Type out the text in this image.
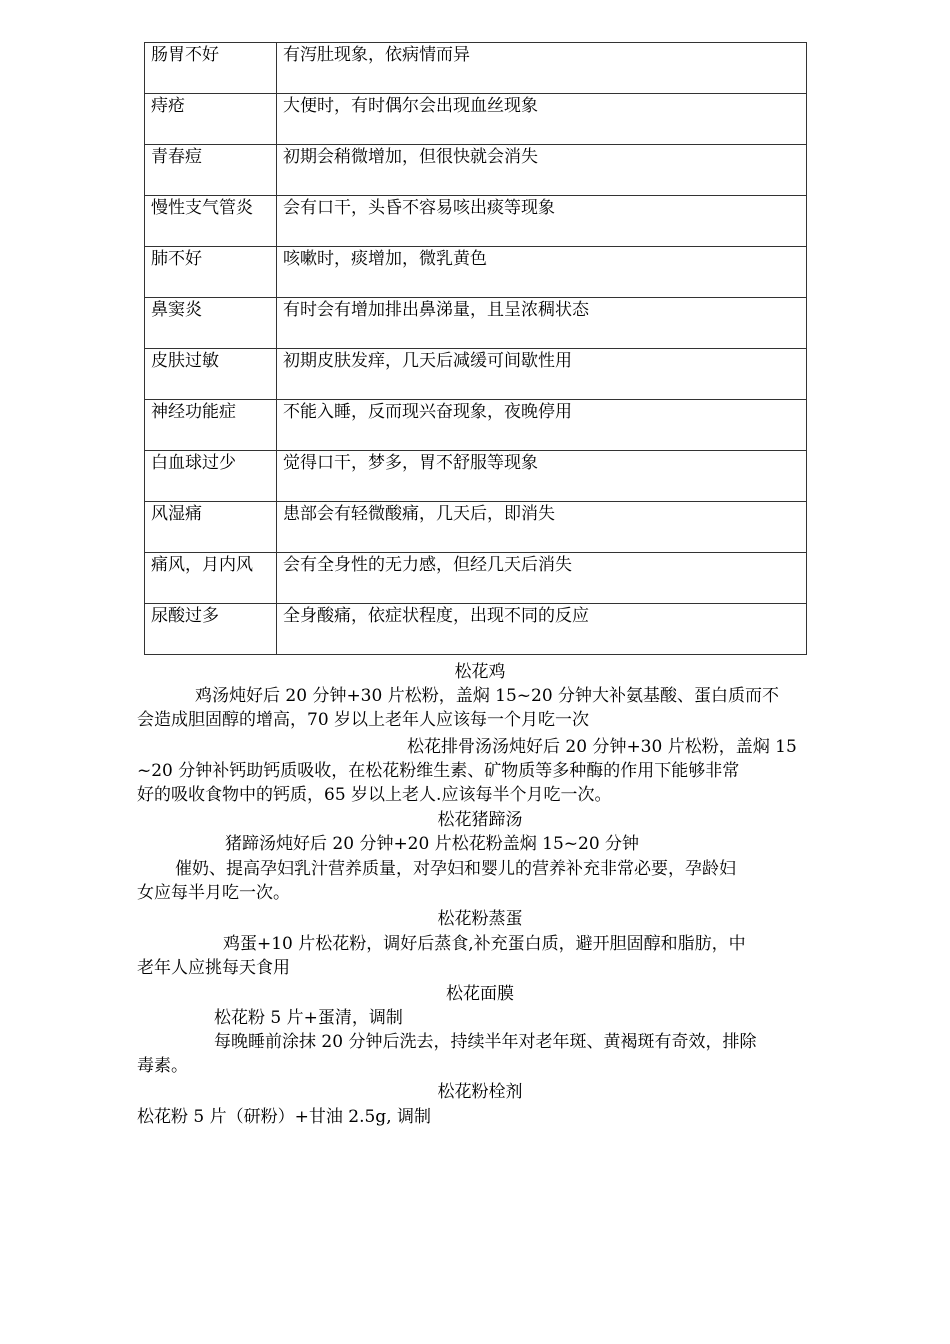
肠胃不好	有泻肚现象，依病情而异
痔疮	大便时，有时偶尔会出现血丝现象
青春痘	初期会稍微增加，但很快就会消失
慢性支气管炎	会有口干，头昏不容易咳出痰等现象
肺不好	咳嗽时，痰增加，微乳黄色
鼻窦炎	有时会有增加排出鼻涕量，且呈浓稠状态
皮肤过敏	初期皮肤发痒，几天后减缓可间歇性用
神经功能症	不能入睡，反而现兴奋现象，夜晚停用
白血球过少	觉得口干，梦多，胃不舒服等现象
风湿痛	患部会有轻微酸痛，几天后，即消失
痛风，月内风	会有全身性的无力感，但经几天后消失
尿酸过多	全身酸痛，依症状程度，出现不同的反应
松花鸡
鸡汤炖好后 20 分钟+30 片松粉，盖焖 15~20 分钟大补氨基酸、蛋白质而不
会造成胆固醇的增高，70 岁以上老年人应该每一个月吃一次
松花排骨汤汤炖好后 20 分钟+30 片松粉，盖焖 15
~20 分钟补钙助钙质吸收，在松花粉维生素、矿物质等多种酶的作用下能够非常
好的吸收食物中的钙质，65 岁以上老人.应该每半个月吃一次。
松花猪蹄汤
猪蹄汤炖好后 20 分钟+20 片松花粉盖焖 15~20 分钟
催奶、提高孕妇乳汁营养质量，对孕妇和婴儿的营养补充非常必要，孕龄妇
女应每半月吃一次。
松花粉蒸蛋
鸡蛋+10 片松花粉，调好后蒸食,补充蛋白质，避开胆固醇和脂肪，中
老年人应挑每天食用
松花面膜
松花粉 5 片+蛋清，调制
每晚睡前涂抹 20 分钟后洗去，持续半年对老年斑、黄褐斑有奇效，排除
毒素。
松花粉栓剂
松花粉 5 片（研粉）+甘油 2.5g, 调制
